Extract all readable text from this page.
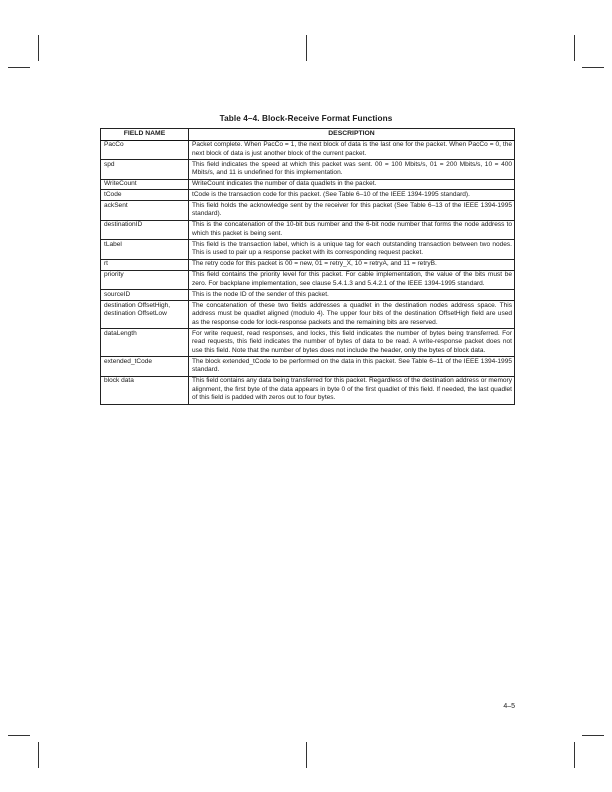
Table 4–4. Block-Receive Format Functions
FIELD NAME	DESCRIPTION
PacCo	Packet complete. When PacCo = 1, the next block of data is the last one for the packet. When PacCo = 0, the next block of data is just another block of the current packet.
spd	This field indicates the speed at which this packet was sent. 00 = 100 Mbits/s, 01 = 200 Mbits/s, 10 = 400 Mbits/s, and 11 is undefined for this implementation.
WriteCount	WriteCount indicates the number of data quadlets in the packet.
tCode	tCode is the transaction code for this packet. (See Table 6–10 of the IEEE 1394-1995 standard).
ackSent	This field holds the acknowledge sent by the receiver for this packet (See Table 6–13 of the IEEE 1394-1995 standard).
destinationID	This is the concatenation of the 10-bit bus number and the 6-bit node number that forms the node address to which this packet is being sent.
tLabel	This field is the transaction label, which is a unique tag for each outstanding transaction between two nodes. This is used to pair up a response packet with its corresponding request packet.
rt	The retry code for this packet is 00 = new, 01 = retry_X, 10 = retryA, and 11 = retryB.
priority	This field contains the priority level for this packet. For cable implementation, the value of the bits must be zero. For backplane implementation, see clause 5.4.1.3 and 5.4.2.1 of the IEEE 1394-1995 standard.
sourceID	This is the node ID of the sender of this packet.
destination OffsetHigh, destination OffsetLow	The concatenation of these two fields addresses a quadlet in the destination nodes address space. This address must be quadlet aligned (modulo 4). The upper four bits of the destination OffsetHigh field are used as the response code for lock-response packets and the remaining bits are reserved.
dataLength	For write request, read responses, and locks, this field indicates the number of bytes being transferred. For read requests, this field indicates the number of bytes of data to be read. A write-response packet does not use this field. Note that the number of bytes does not include the header, only the bytes of block data.
extended_tCode	The block extended_tCode to be performed on the data in this packet. See Table 6–11 of the IEEE 1394-1995 standard.
block data	This field contains any data being transferred for this packet. Regardless of the destination address or memory alignment, the first byte of the data appears in byte 0 of the first quadlet of this field. If needed, the last quadlet of this field is padded with zeros out to four bytes.
4–5
